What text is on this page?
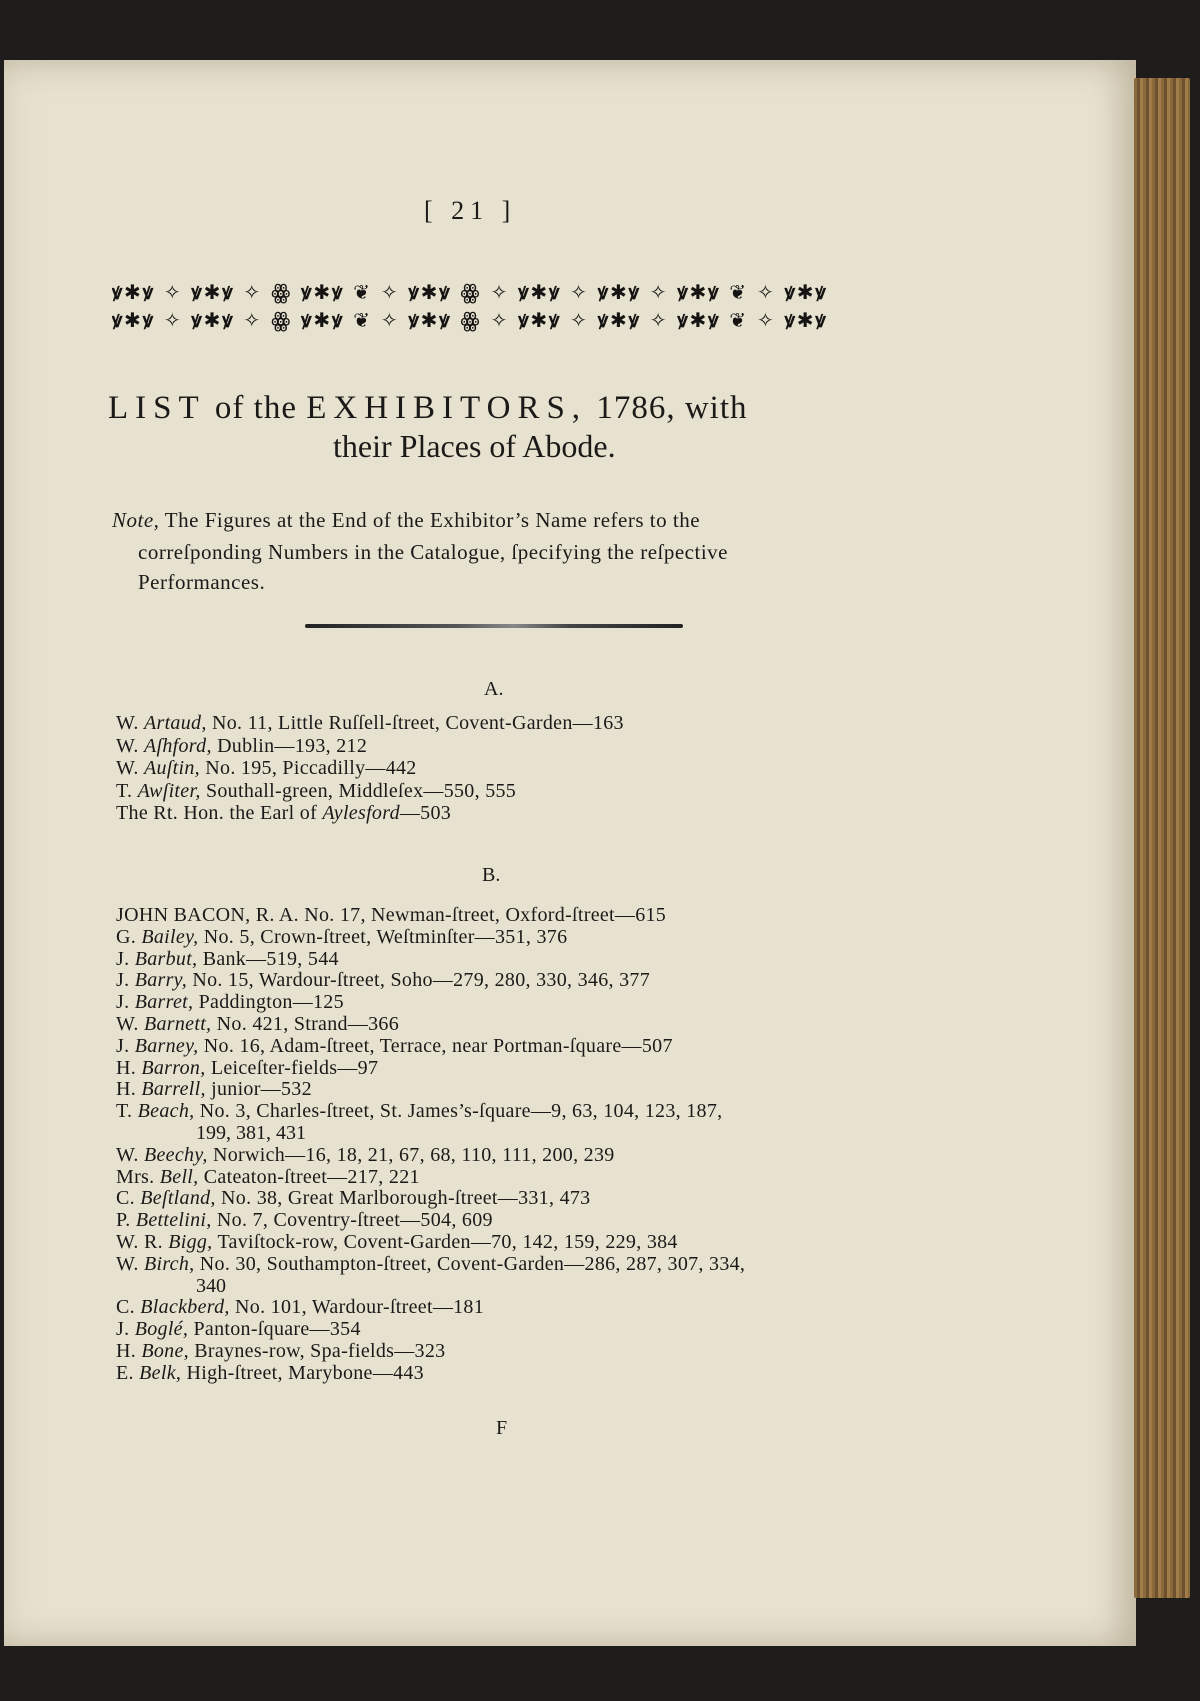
[ 21 ]
ꝟ✱ꝟ ✧ ꝟ✱ꝟ ✧ ꙮ ꝟ✱ꝟ ❦ ✧ ꝟ✱ꝟ ꙮ ✧ ꝟ✱ꝟ ✧ ꝟ✱ꝟ ✧ ꝟ✱ꝟ ❦ ✧ ꝟ✱ꝟ
ꝟ✱ꝟ ✧ ꝟ✱ꝟ ✧ ꙮ ꝟ✱ꝟ ❦ ✧ ꝟ✱ꝟ ꙮ ✧ ꝟ✱ꝟ ✧ ꝟ✱ꝟ ✧ ꝟ✱ꝟ ❦ ✧ ꝟ✱ꝟ
LIST of the EXHIBITORS, 1786, with
their Places of Abode.
Note, The Figures at the End of the Exhibitor’s Name refers to the
correſponding Numbers in the Catalogue, ſpecifying the reſpective
Performances.
A.
W. Artaud, No. 11, Little Ruſſell-ſtreet, Covent-Garden—163
W. Aſhford, Dublin—193, 212
W. Auſtin, No. 195, Piccadilly—442
T. Awſiter, Southall-green, Middleſex—550, 555
The Rt. Hon. the Earl of Aylesford—503
B.
JOHN BACON, R. A. No. 17, Newman-ſtreet, Oxford-ſtreet—615
G. Bailey, No. 5, Crown-ſtreet, Weſtminſter—351, 376
J. Barbut, Bank—519, 544
J. Barry, No. 15, Wardour-ſtreet, Soho—279, 280, 330, 346, 377
J. Barret, Paddington—125
W. Barnett, No. 421, Strand—366
J. Barney, No. 16, Adam-ſtreet, Terrace, near Portman-ſquare—507
H. Barron, Leiceſter-fields—97
H. Barrell, junior—532
T. Beach, No. 3, Charles-ſtreet, St. James’s-ſquare—9, 63, 104, 123, 187,
199, 381, 431
W. Beechy, Norwich—16, 18, 21, 67, 68, 110, 111, 200, 239
Mrs. Bell, Cateaton-ſtreet—217, 221
C. Beſtland, No. 38, Great Marlborough-ſtreet—331, 473
P. Bettelini, No. 7, Coventry-ſtreet—504, 609
W. R. Bigg, Taviſtock-row, Covent-Garden—70, 142, 159, 229, 384
W. Birch, No. 30, Southampton-ſtreet, Covent-Garden—286, 287, 307, 334,
340
C. Blackberd, No. 101, Wardour-ſtreet—181
J. Boglé, Panton-ſquare—354
H. Bone, Braynes-row, Spa-fields—323
E. Belk, High-ſtreet, Marybone—443
F
